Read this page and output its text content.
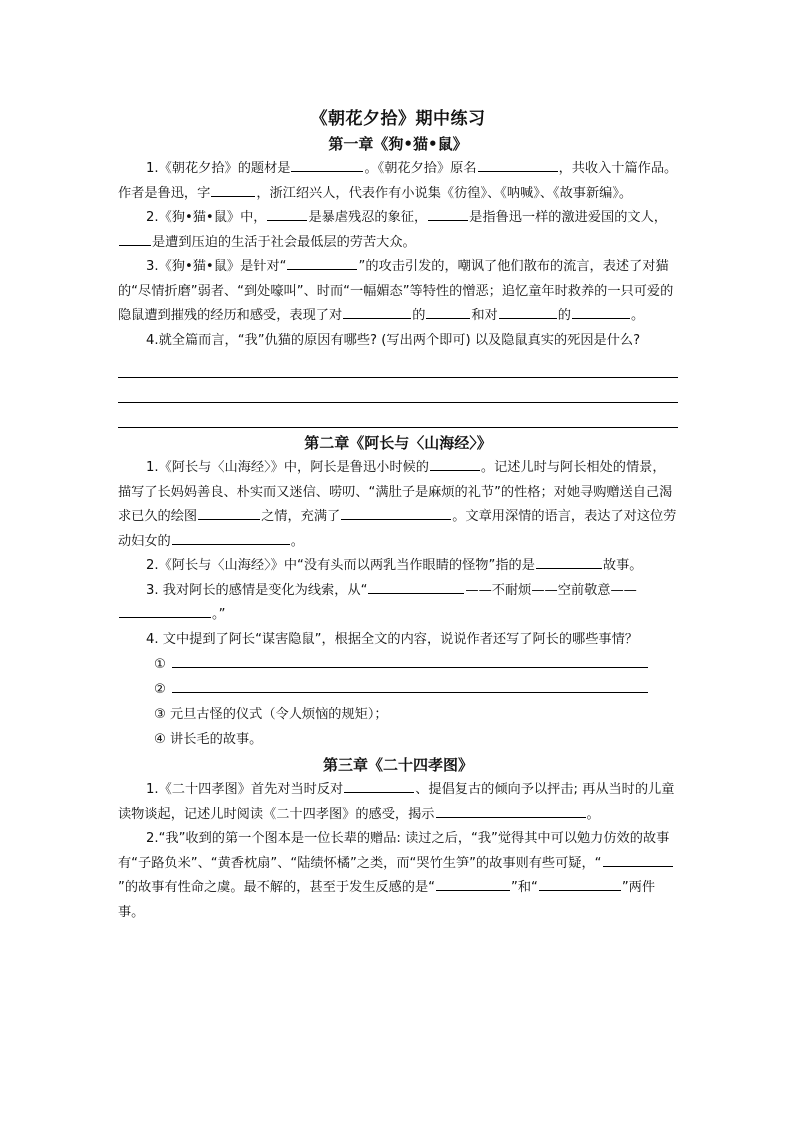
《朝花夕拾》期中练习
第一章《狗•猫•鼠》

1.《朝花夕拾》的题材是	。《朝花夕拾》原名	，共收入十篇作品。作者是鲁迅，字	，浙江绍兴人，代表作有小说集《彷徨》、《呐喊》、《故事新编》。

2.《狗•猫•鼠》中，	是暴虐残忍的象征，	是指鲁迅一样的激进爱国的文人，是遭到压迫的生活于社会最低层的劳苦大众。

3.《狗•猫•鼠》是针对“	”的攻击引发的，嘲讽了他们散布的流言，表述了对猫的“尽情折磨”弱者、“到处嚎叫”、时而“一幅媚态”等特性的憎恶；追忆童年时救养的一只可爱的隐鼠遭到摧残的经历和感受，表现了对	的	和对	的	。

4.就全篇而言，“我”仇猫的原因有哪些? (写出两个即可) 以及隐鼠真实的死因是什么?

第二章《阿长与〈山海经〉》

1.《阿长与〈山海经〉》中，阿长是鲁迅小时候的	。记述儿时与阿长相处的情景，描写了长妈妈善良、朴实而又迷信、唠叨、“满肚子是麻烦的礼节”的性格；对她寻购赠送自己渴求已久的绘图	之情，充满了	。文章用深情的语言，表达了对这位劳动妇女的	。

2.《阿长与〈山海经〉》中“没有头而以两乳当作眼睛的怪物”指的是	故事。

3. 我对阿长的感情是变化为线索，从“	——不耐烦——空前敬意——。”

4. 文中提到了阿长“谋害隐鼠”，根据全文的内容，说说作者还写了阿长的哪些事情？

①
②
③ 元旦古怪的仪式（令人烦恼的规矩）；
④ 讲长毛的故事。
第三章《二十四孝图》

1.《二十四孝图》首先对当时反对	、提倡复古的倾向予以抨击; 再从当时的儿童读物谈起，记述儿时阅读《二十四孝图》的感受，揭示	。

2.“我”收到的第一个图本是一位长辈的赠品: 读过之后，“我”觉得其中可以勉力仿效的故事有“子路负米”、“黄香枕扇”、“陆绩怀橘”之类，而“哭竹生笋”的故事则有些可疑，“”的故事有性命之虞。最不解的，甚至于发生反感的是“	”和“	”两件事。
